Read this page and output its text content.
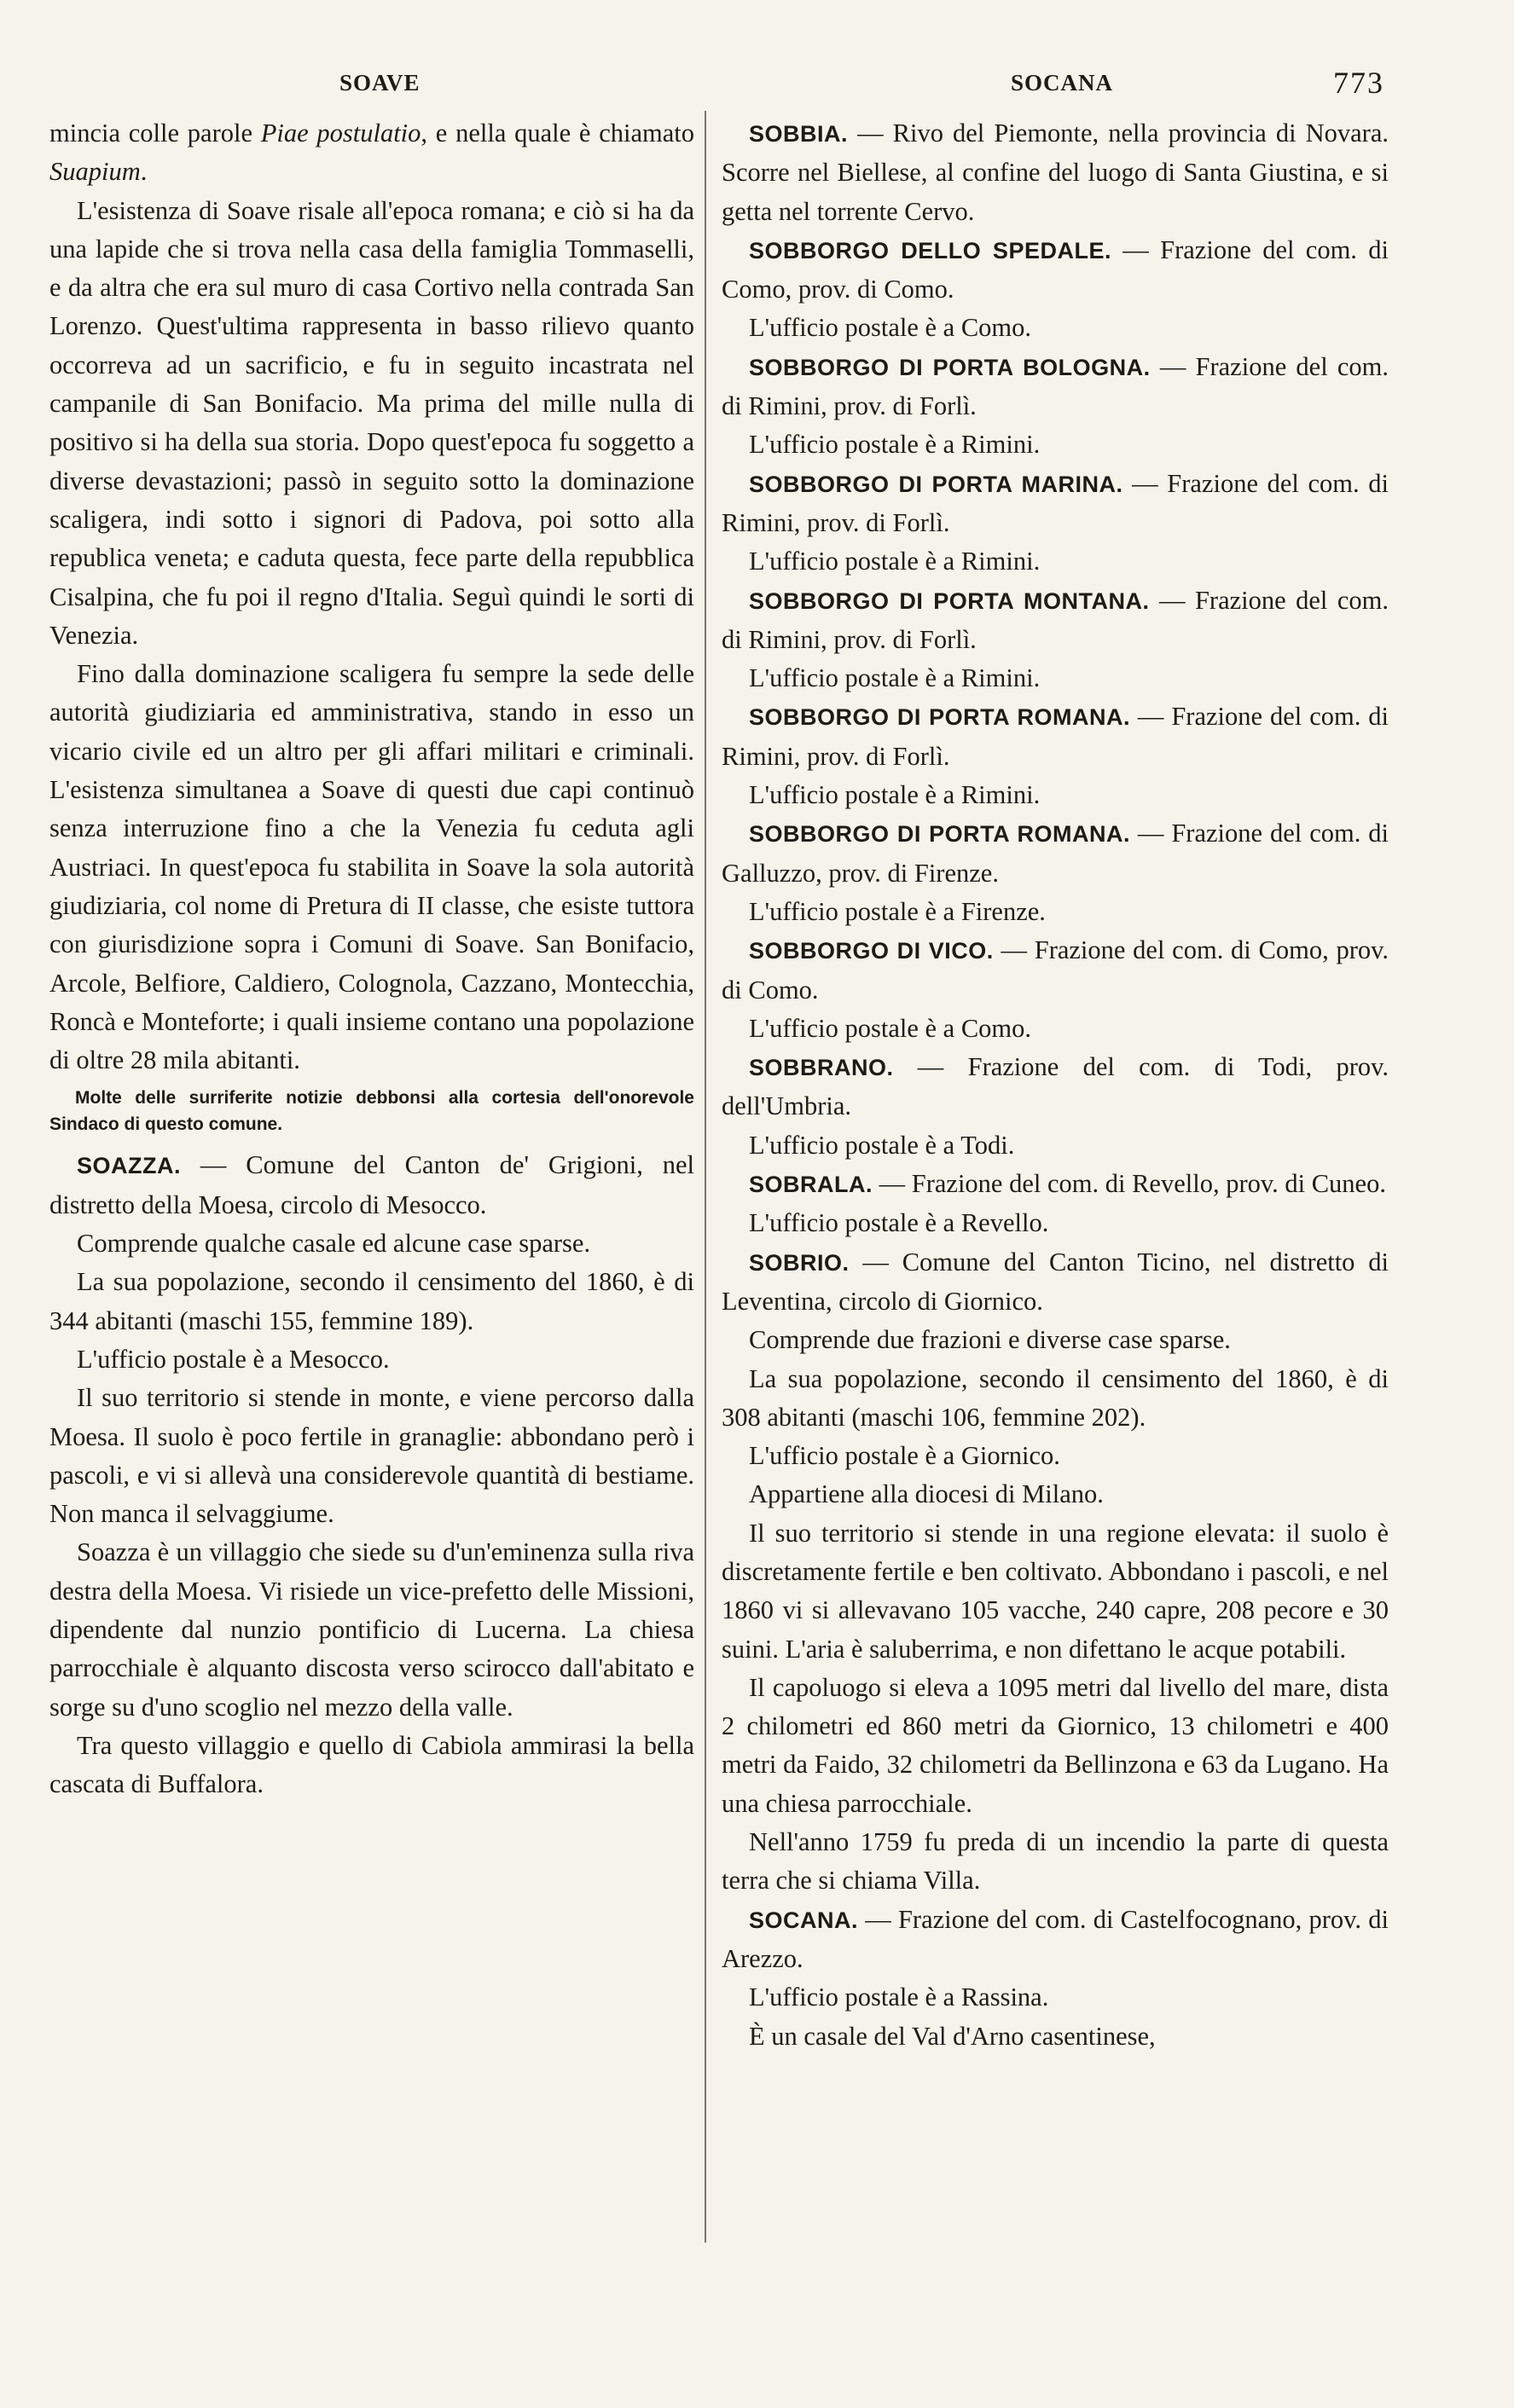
SOAVE	SOCANA	773

mincia colle parole Piae postulatio, e nella quale è chiamato Suapium.

L'esistenza di Soave risale all'epoca romana; e ciò si ha da una lapide che si trova nella casa della famiglia Tommaselli, e da altra che era sul muro di casa Cortivo nella contrada San Lorenzo. Quest'ultima rappresenta in basso rilievo quanto occorreva ad un sacrificio, e fu in seguito incastrata nel campanile di San Bonifacio. Ma prima del mille nulla di positivo si ha della sua storia. Dopo quest'epoca fu soggetto a diverse devastazioni; passò in seguito sotto la dominazione scaligera, indi sotto i signori di Padova, poi sotto alla republica veneta; e caduta questa, fece parte della repubblica Cisalpina, che fu poi il regno d'Italia. Seguì quindi le sorti di Venezia.

Fino dalla dominazione scaligera fu sempre la sede delle autorità giudiziaria ed amministrativa, stando in esso un vicario civile ed un altro per gli affari militari e criminali. L'esistenza simultanea a Soave di questi due capi continuò senza interruzione fino a che la Venezia fu ceduta agli Austriaci. In quest'epoca fu stabilita in Soave la sola autorità giudiziaria, col nome di Pretura di II classe, che esiste tuttora con giurisdizione sopra i Comuni di Soave. San Bonifacio, Arcole, Belfiore, Caldiero, Colognola, Cazzano, Montecchia, Roncà e Monteforte; i quali insieme contano una popolazione di oltre 28 mila abitanti.

Molte delle surriferite notizie debbonsi alla cortesia dell'onorevole Sindaco di questo comune.

SOAZZA. — Comune del Canton de' Grigioni, nel distretto della Moesa, circolo di Mesocco.

Comprende qualche casale ed alcune case sparse.

La sua popolazione, secondo il censimento del 1860, è di 344 abitanti (maschi 155, femmine 189).

L'ufficio postale è a Mesocco.

Il suo territorio si stende in monte, e viene percorso dalla Moesa. Il suolo è poco fertile in granaglie: abbondano però i pascoli, e vi si allevà una considerevole quantità di bestiame. Non manca il selvaggiume.

Soazza è un villaggio che siede su d'un'eminenza sulla riva destra della Moesa. Vi risiede un vice-prefetto delle Missioni, dipendente dal nunzio pontificio di Lucerna. La chiesa parrocchiale è alquanto discosta verso scirocco dall'abitato e sorge su d'uno scoglio nel mezzo della valle.

Tra questo villaggio e quello di Cabiola ammirasi la bella cascata di Buffalora.

SOBBIA. — Rivo del Piemonte, nella provincia di Novara. Scorre nel Biellese, al confine del luogo di Santa Giustina, e si getta nel torrente Cervo.

SOBBORGO DELLO SPEDALE. — Frazione del com. di Como, prov. di Como.

L'ufficio postale è a Como.

SOBBORGO DI PORTA BOLOGNA. — Frazione del com. di Rimini, prov. di Forlì.

L'ufficio postale è a Rimini.

SOBBORGO DI PORTA MARINA. — Frazione del com. di Rimini, prov. di Forlì.

L'ufficio postale è a Rimini.

SOBBORGO DI PORTA MONTANA. — Frazione del com. di Rimini, prov. di Forlì.

L'ufficio postale è a Rimini.

SOBBORGO DI PORTA ROMANA. — Frazione del com. di Rimini, prov. di Forlì.

L'ufficio postale è a Rimini.

SOBBORGO DI PORTA ROMANA. — Frazione del com. di Galluzzo, prov. di Firenze.

L'ufficio postale è a Firenze.

SOBBORGO DI VICO. — Frazione del com. di Como, prov. di Como.

L'ufficio postale è a Como.

SOBBRANO. — Frazione del com. di Todi, prov. dell'Umbria.

L'ufficio postale è a Todi.

SOBRALA. — Frazione del com. di Revello, prov. di Cuneo.

L'ufficio postale è a Revello.

SOBRIO. — Comune del Canton Ticino, nel distretto di Leventina, circolo di Giornico.

Comprende due frazioni e diverse case sparse.

La sua popolazione, secondo il censimento del 1860, è di 308 abitanti (maschi 106, femmine 202).

L'ufficio postale è a Giornico.

Appartiene alla diocesi di Milano.

Il suo territorio si stende in una regione elevata: il suolo è discretamente fertile e ben coltivato. Abbondano i pascoli, e nel 1860 vi si allevavano 105 vacche, 240 capre, 208 pecore e 30 suini. L'aria è saluberrima, e non difettano le acque potabili.

Il capoluogo si eleva a 1095 metri dal livello del mare, dista 2 chilometri ed 860 metri da Giornico, 13 chilometri e 400 metri da Faido, 32 chilometri da Bellinzona e 63 da Lugano. Ha una chiesa parrocchiale.

Nell'anno 1759 fu preda di un incendio la parte di questa terra che si chiama Villa.

SOCANA. — Frazione del com. di Castelfocognano, prov. di Arezzo.

L'ufficio postale è a Rassina.

È un casale del Val d'Arno casentinese,
